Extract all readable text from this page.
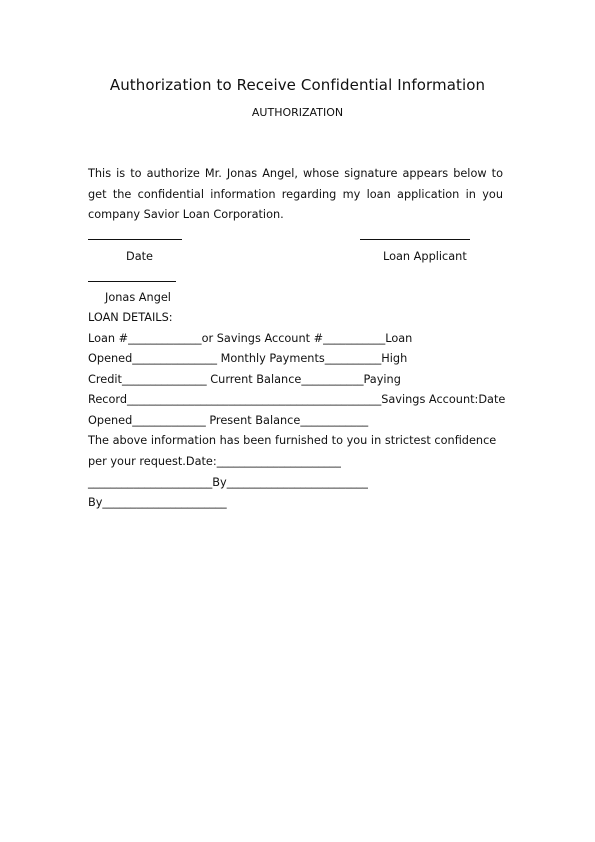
Authorization to Receive Confidential Information
AUTHORIZATION

This is to authorize Mr. Jonas Angel, whose signature appears below to get the confidential information regarding my loan application in you company Savior Loan Corporation.

Date	Loan Applicant
Jonas Angel
LOAN DETAILS:
Loan #_____________or Savings Account #___________Loan
Opened_______________ Monthly Payments__________High
Credit_______________ Current Balance___________Paying
Record_____________________________________________Savings Account:Date
Opened_____________ Present Balance____________
The above information has been furnished to you in strictest confidence
per your request.Date:______________________
______________________By_________________________
By______________________
